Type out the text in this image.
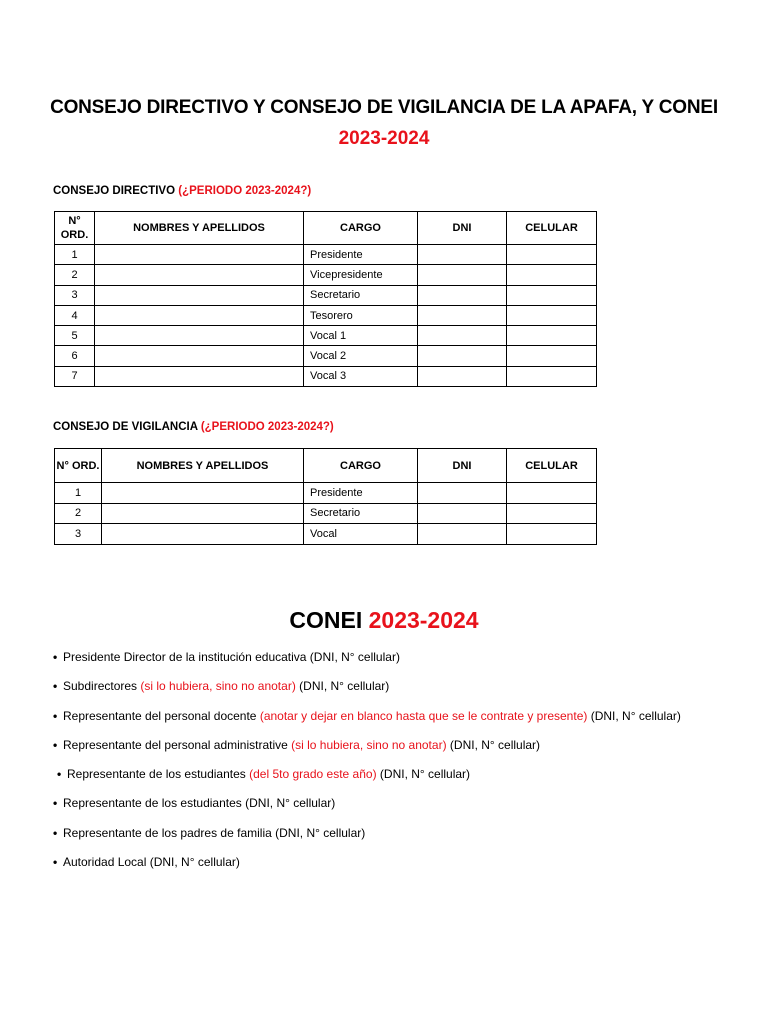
CONSEJO DIRECTIVO Y CONSEJO DE VIGILANCIA DE LA APAFA, Y CONEI
2023-2024
CONSEJO DIRECTIVO (¿PERIODO 2023-2024?)
N° ORD.	NOMBRES Y APELLIDOS	CARGO	DNI	CELULAR
1		Presidente		
2		Vicepresidente		
3		Secretario		
4		Tesorero		
5		Vocal 1		
6		Vocal 2		
7		Vocal 3		
CONSEJO DE VIGILANCIA (¿PERIODO 2023-2024?)
N° ORD.	NOMBRES Y APELLIDOS	CARGO	DNI	CELULAR
1		Presidente		
2		Secretario		
3		Vocal		
CONEI 2023-2024
• Presidente Director de la institución educativa (DNI, N° cellular)
• Subdirectores (si lo hubiera, sino no anotar) (DNI, N° cellular)
• Representante del personal docente (anotar y dejar en blanco hasta que se le contrate y presente) (DNI, N° cellular)
• Representante del personal administrative (si lo hubiera, sino no anotar) (DNI, N° cellular)
• Representante de los estudiantes (del 5to grado este año) (DNI, N° cellular)
• Representante de los estudiantes (DNI, N° cellular)
• Representante de los padres de familia (DNI, N° cellular)
• Autoridad Local (DNI, N° cellular)
